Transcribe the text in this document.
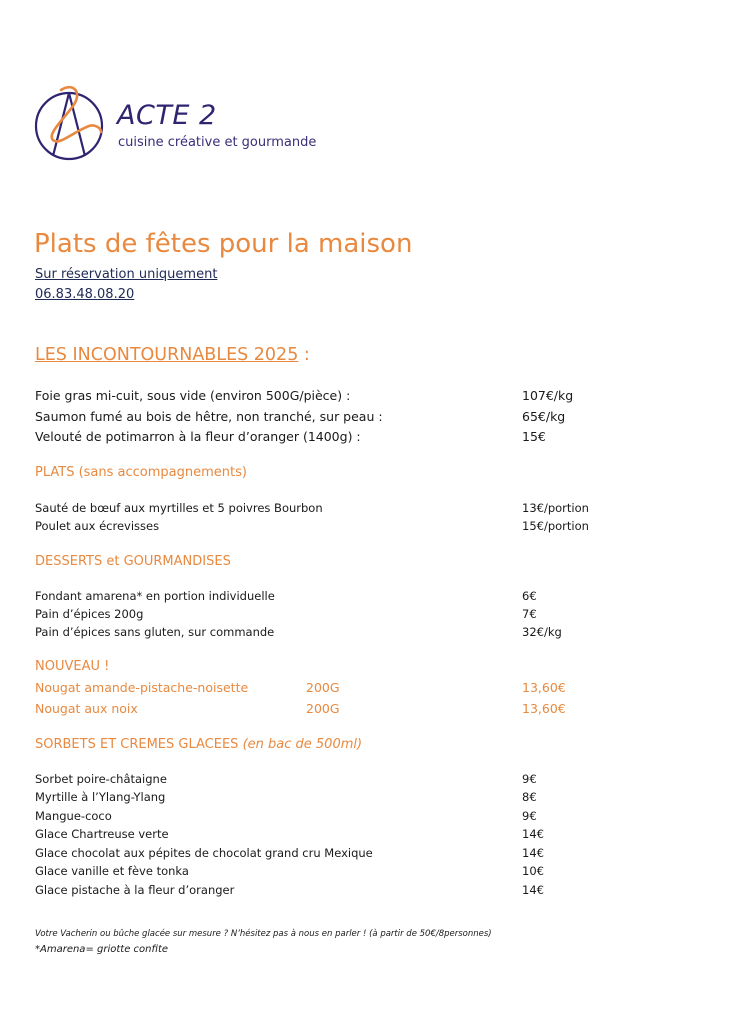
ACTE 2
cuisine créative et gourmande
Plats de fêtes pour la maison
Sur réservation uniquement
06.83.48.08.20
LES INCONTOURNABLES 2025 :
Foie gras mi-cuit, sous vide (environ 500G/pièce) :	107€/kg
Saumon fumé au bois de hêtre, non tranché, sur peau :	65€/kg
Velouté de potimarron à la fleur d’oranger (1400g) :	15€
PLATS (sans accompagnements)
Sauté de bœuf aux myrtilles et 5 poivres Bourbon	13€/portion
Poulet aux écrevisses	15€/portion
DESSERTS et GOURMANDISES
Fondant amarena* en portion individuelle	6€
Pain d’épices 200g	7€
Pain d’épices sans gluten, sur commande	32€/kg
NOUVEAU !
Nougat amande-pistache-noisette	200G	13,60€
Nougat aux noix	200G	13,60€
SORBETS ET CREMES GLACEES (en bac de 500ml)
Sorbet poire-châtaigne	9€
Myrtille à l’Ylang-Ylang	8€
Mangue-coco	9€
Glace Chartreuse verte	14€
Glace chocolat aux pépites de chocolat grand cru Mexique	14€
Glace vanille et fève tonka	10€
Glace pistache à la fleur d’oranger	14€
Votre Vacherin ou bûche glacée sur mesure ? N’hésitez pas à nous en parler ! (à partir de 50€/8personnes)
*Amarena= griotte confite
